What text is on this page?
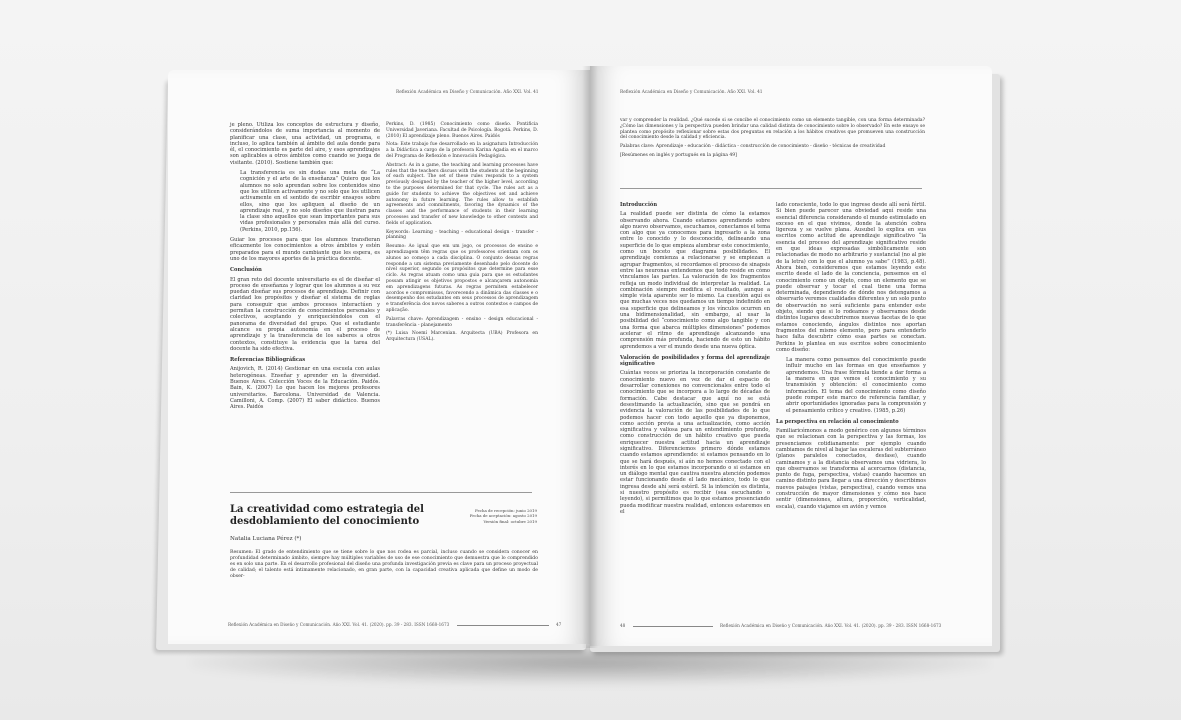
Reflexión Académica en Diseño y Comunicación. Año XXI. Vol. 41

je pleno. Utiliza los conceptos de estructura y diseño, considerándolos de suma importancia al momento de planificar una clase, una actividad, un programa, e incluso, lo aplica también al ámbito del aula donde para él, el conocimiento es parte del aire, y esos aprendizajes son aplicables a otros ámbitos como cuando se juega de visitante. (2010). Sostiene también que:

La transferencia es sin dudas una meta de “La cognición y el arte de la enseñanza” Quiero que los alumnos no solo aprendan sobre los contenidos sino que los utilicen activamente y no solo que los utilicen activamente en el sentido de escribir ensayos sobre ellos, sino que los apliquen al diseño de un aprendizaje real, y no solo diseños que ilustran para la clase sino aquellos que sean importantes para sus vidas profesionales y personales más allá del curso. (Perkins, 2010, pp.156).

Guiar los procesos para que los alumnos transfieran eficazmente los conocimientos a otros ámbitos y estén preparados para el mundo cambiante que les espera, es uno de los mayores aportes de la práctica docente.

Conclusión

El gran reto del docente universitario es el de diseñar el proceso de enseñanza y lograr que los alumnos a su vez puedan diseñar sus procesos de aprendizaje. Definir con claridad los propósitos y diseñar el sistema de reglas para conseguir que ambos procesos interactúen y permitan la construcción de conocimientos personales y colectivos, aceptando y enriqueciéndolos con el panorama de diversidad del grupo. Que el estudiante alcance su propia autonomía en el proceso de aprendizaje y la transferencia de los saberes a otros contextos, constituye la evidencia que la tarea del docente ha sido efectiva.

Referencias Bibliográficas

Anijovich, R. (2014) Gestionar en una escuela con aulas heterogéneas. Enseñar y aprender en la diversidad. Buenos Aires. Colección Voces de la Educación. Paidós. Bain, K. (2007) Lo que hacen los mejores profesores universitarios. Barcelona. Universidad de Valencia. Camilloni, A. Comp. (2007) El saber didáctico. Buenos Aires. Paidós

Perkins, D. (1985) Conocimiento como diseño. Pontificia Universidad Javeriana. Facultad de Psicología. Bogotá. Perkins, D. (2010) El aprendizaje pleno. Buenos Aires. Paidós

Nota: Este trabajo fue desarrollado en la asignatura Introducción a la Didáctica a cargo de la profesora Karina Agadia en el marco del Programa de Reflexión e Innovación Pedagógica.

Abstract: As in a game, the teaching and learning processes have rules that the teachers discuss with the students at the beginning of each subject. The set of these rules responds to a system previously designed by the teacher of the higher level, according to the purposes determined for that cycle. The rules act as a guide for students to achieve the objectives set and achieve autonomy in future learning. The rules allow to establish agreements and commitments, favoring the dynamics of the classes and the performance of students in their learning processes and transfer of new knowledge to other contexts and fields of application.

Keywords: Learning - teaching - educational design - transfer - planning

Resumo: Ao igual que em um jogo, os processos de ensino e aprendizagem têm regras que os professores orientam com os alunos ao começo a cada disciplina. O conjunto dessas regras responde a um sistema previamente desenhado pelo docente do nível superior, segundo os propósitos que determine para esse ciclo. As regras atuam como uma guia para que os estudantes possam atingir os objetivos propostos e alcançarem autonomia em aprendizagens futuras. As regras permitem estabelecer acordos e compromissos, favorecendo a dinâmica das classes e o desempenho dos estudantes em seus processos de aprendizagem e transferência dos novos saberes a outros contextos e campos de aplicação.

Palavras chave: Aprendizagem - ensino - design educacional - transferência - planejamento

(*) Luisa Noemí Marcenian. Arquitecta (UBA) Profesora en Arquitectura (USAL).

Reflexión Académica en Diseño y Comunicación. Año XXI. Vol. 41. (2020). pp. 39 - 283. ISSN 1668-1673	47
La creatividad como estrategia del desdoblamiento del conocimiento
Fecha de recepción: junio 2019
Fecha de aceptación: agosto 2019
Versión final: octubre 2019
Natalia Luciana Pérez (*)
Resumen: El grado de entendimiento que se tiene sobre lo que nos rodea es parcial, incluso cuando se considera conocer en profundidad determinado ámbito, siempre hay múltiples variables de uso de ese conocimiento que demuestra que lo comprendido es en solo una parte. En el desarrollo profesional del diseño una profunda investigación previa es clave para un proceso proyectual de calidad; el talento está íntimamente relacionado, en gran parte, con la capacidad creativa aplicada que define un modo de obser-
Reflexión Académica en Diseño y Comunicación. Año XXI. Vol. 41

var y comprender la realidad. ¿Qué sucede si se concibe el conocimiento como un elemento tangible, con una forma determinada? ¿Cómo las dimensiones y la perspectiva pueden brindar una calidad distinta de conocimiento sobre lo observado? En este ensayo se plantea como propósito reflexionar sobre estas dos preguntas en relación a los hábitos creativos que promueven una construcción del conocimiento desde la calidad y eficiencia.

Palabras clave: Aprendizaje - educación - didáctica - construcción de conocimiento - diseño - técnicas de creatividad

[Resúmenes en inglés y portugués en la página 49]

Introducción

La realidad puede ser distinta de cómo la estamos observando ahora. Cuando estamos aprendiendo sobre algo nuevo observamos, escuchamos, conectamos el tema con algo que ya conocemos para ingresarlo a la zona entre lo conocido y lo desconocido, delineando una superficie de lo que empieza alumbrar este conocimiento, como un boceto que diagrama posibilidades. El aprendizaje comienza a relacionarse y se empiezan a agrupar fragmentos, si recordamos el proceso de sinapsis entre las neuronas entendemos que todo reside en cómo vinculamos las partes. La valoración de los fragmentos refleja un modo individual de interpretar la realidad. La combinación siempre modifica el resultado, aunque a simple vista aparente ser lo mismo. La cuestión aquí es que muchas veces nos quedamos un tiempo indefinido en esa superficie que delineamos y los vínculos ocurren en una bidimensionalidad, sin embargo, al usar la posibilidad del “conocimiento como algo tangible y con una forma que abarca múltiples dimensiones” podemos acelerar el ritmo de aprendizaje alcanzando una comprensión más profunda, haciendo de esto un hábito aprendemos a ver el mundo desde una nueva óptica.

Valoración de posibilidades y forma del aprendizaje significativo

Cuántas veces se prioriza la incorporación constante de conocimiento nuevo en vez de dar el espacio de desarrollar conexiones no convencionales entre todo el conocimiento que se incorpora a lo largo de décadas de formación. Cabe destacar que aquí no se está desestimando la actualización, sino que se pondrá en evidencia la valoración de las posibilidades de lo que podemos hacer con todo aquello que ya disponemos, como acción previa a una actualización, como acción significativa y valiosa para un entendimiento profundo, como construcción de un hábito creativo que pueda enriquecer nuestra actitud hacia un aprendizaje significativo. Diferenciemos primero dónde estamos cuando estamos aprendiendo: si estamos pensando en lo que se hará después, si aún no hemos conectado con el interés en lo que estamos incorporando o si estamos en un diálogo mental que cautiva nuestra atención podemos estar funcionando desde el lado mecánico, todo lo que ingresa desde ahí será estéril. Si la intención es distinta, si nuestro propósito es recibir (sea escuchando o leyendo), si permitimos que lo que estamos presenciando pueda modificar nuestra realidad, entonces estaremos en el

lado consciente, todo lo que ingrese desde allí será fértil. Si bien puede parecer una obviedad aquí reside una esencial diferencia considerando el mundo estimulado en exceso en el que vivimos, donde la atención cobra ligereza y se vuelve plana. Ausubel lo explica en sus escritos como actitud de aprendizaje significativo “la esencia del proceso del aprendizaje significativo reside en que ideas expresadas simbólicamente son relacionadas de modo no arbitrario y sustancial (no al pie de la letra) con lo que el alumno ya sabe” (1983, p.48). Ahora bien, consideremos que estamos leyendo este escrito desde el lado de la conciencia, pensemos en el conocimiento como un objeto, como un elemento que se puede observar y tocar el cual tiene una forma determinada, dependiendo de dónde nos detengamos a observarlo veremos cualidades diferentes y un solo punto de observación no será suficiente para entender este objeto, siendo que si lo rodeamos y observamos desde distintos lugares descubriremos nuevas facetas de lo que estamos conociendo, ángulos distintos nos aportan fragmentos del mismo elemento, pero para entenderlo hace falta descubrir cómo esas partes se conectan. Perkins lo plantea en sus escritos sobre conocimiento como diseño:

La manera como pensamos del conocimiento puede influir mucho en las formas en que enseñamos y aprendemos. Una frase fórmula tiende a dar forma a la manera en que vemos el conocimiento y su transmisión y obtención: el conocimiento como información. El tema del conocimiento como diseño puede romper este marco de referencia familiar, y abrir oportunidades ignoradas para la comprensión y el pensamiento crítico y creativo. (1985, p.26)

La perspectiva en relación al conocimiento

Familiaricémonos a modo genérico con algunos términos que se relacionan con la perspectiva y las formas, los presenciamos cotidianamente: por ejemplo cuando cambiamos de nivel al bajar las escaleras del subterráneo (planos paralelos conectados, desfase), cuando caminamos y a la distancia observamos una vidriera, lo que observamos se transforma al acercarnos (distancia, punto de fuga, perspectiva, vistas) cuando hacemos un camino distinto para llegar a una dirección y describimos nuevos paisajes (vistas, perspectiva), cuando vemos una construcción de mayor dimensiones y cómo nos hace sentir (dimensiones, altura, proporción, verticalidad, escala), cuando viajamos en avión y vemos

48	Reflexión Académica en Diseño y Comunicación. Año XXI. Vol. 41. (2020). pp. 39 - 283. ISSN 1668-1673
